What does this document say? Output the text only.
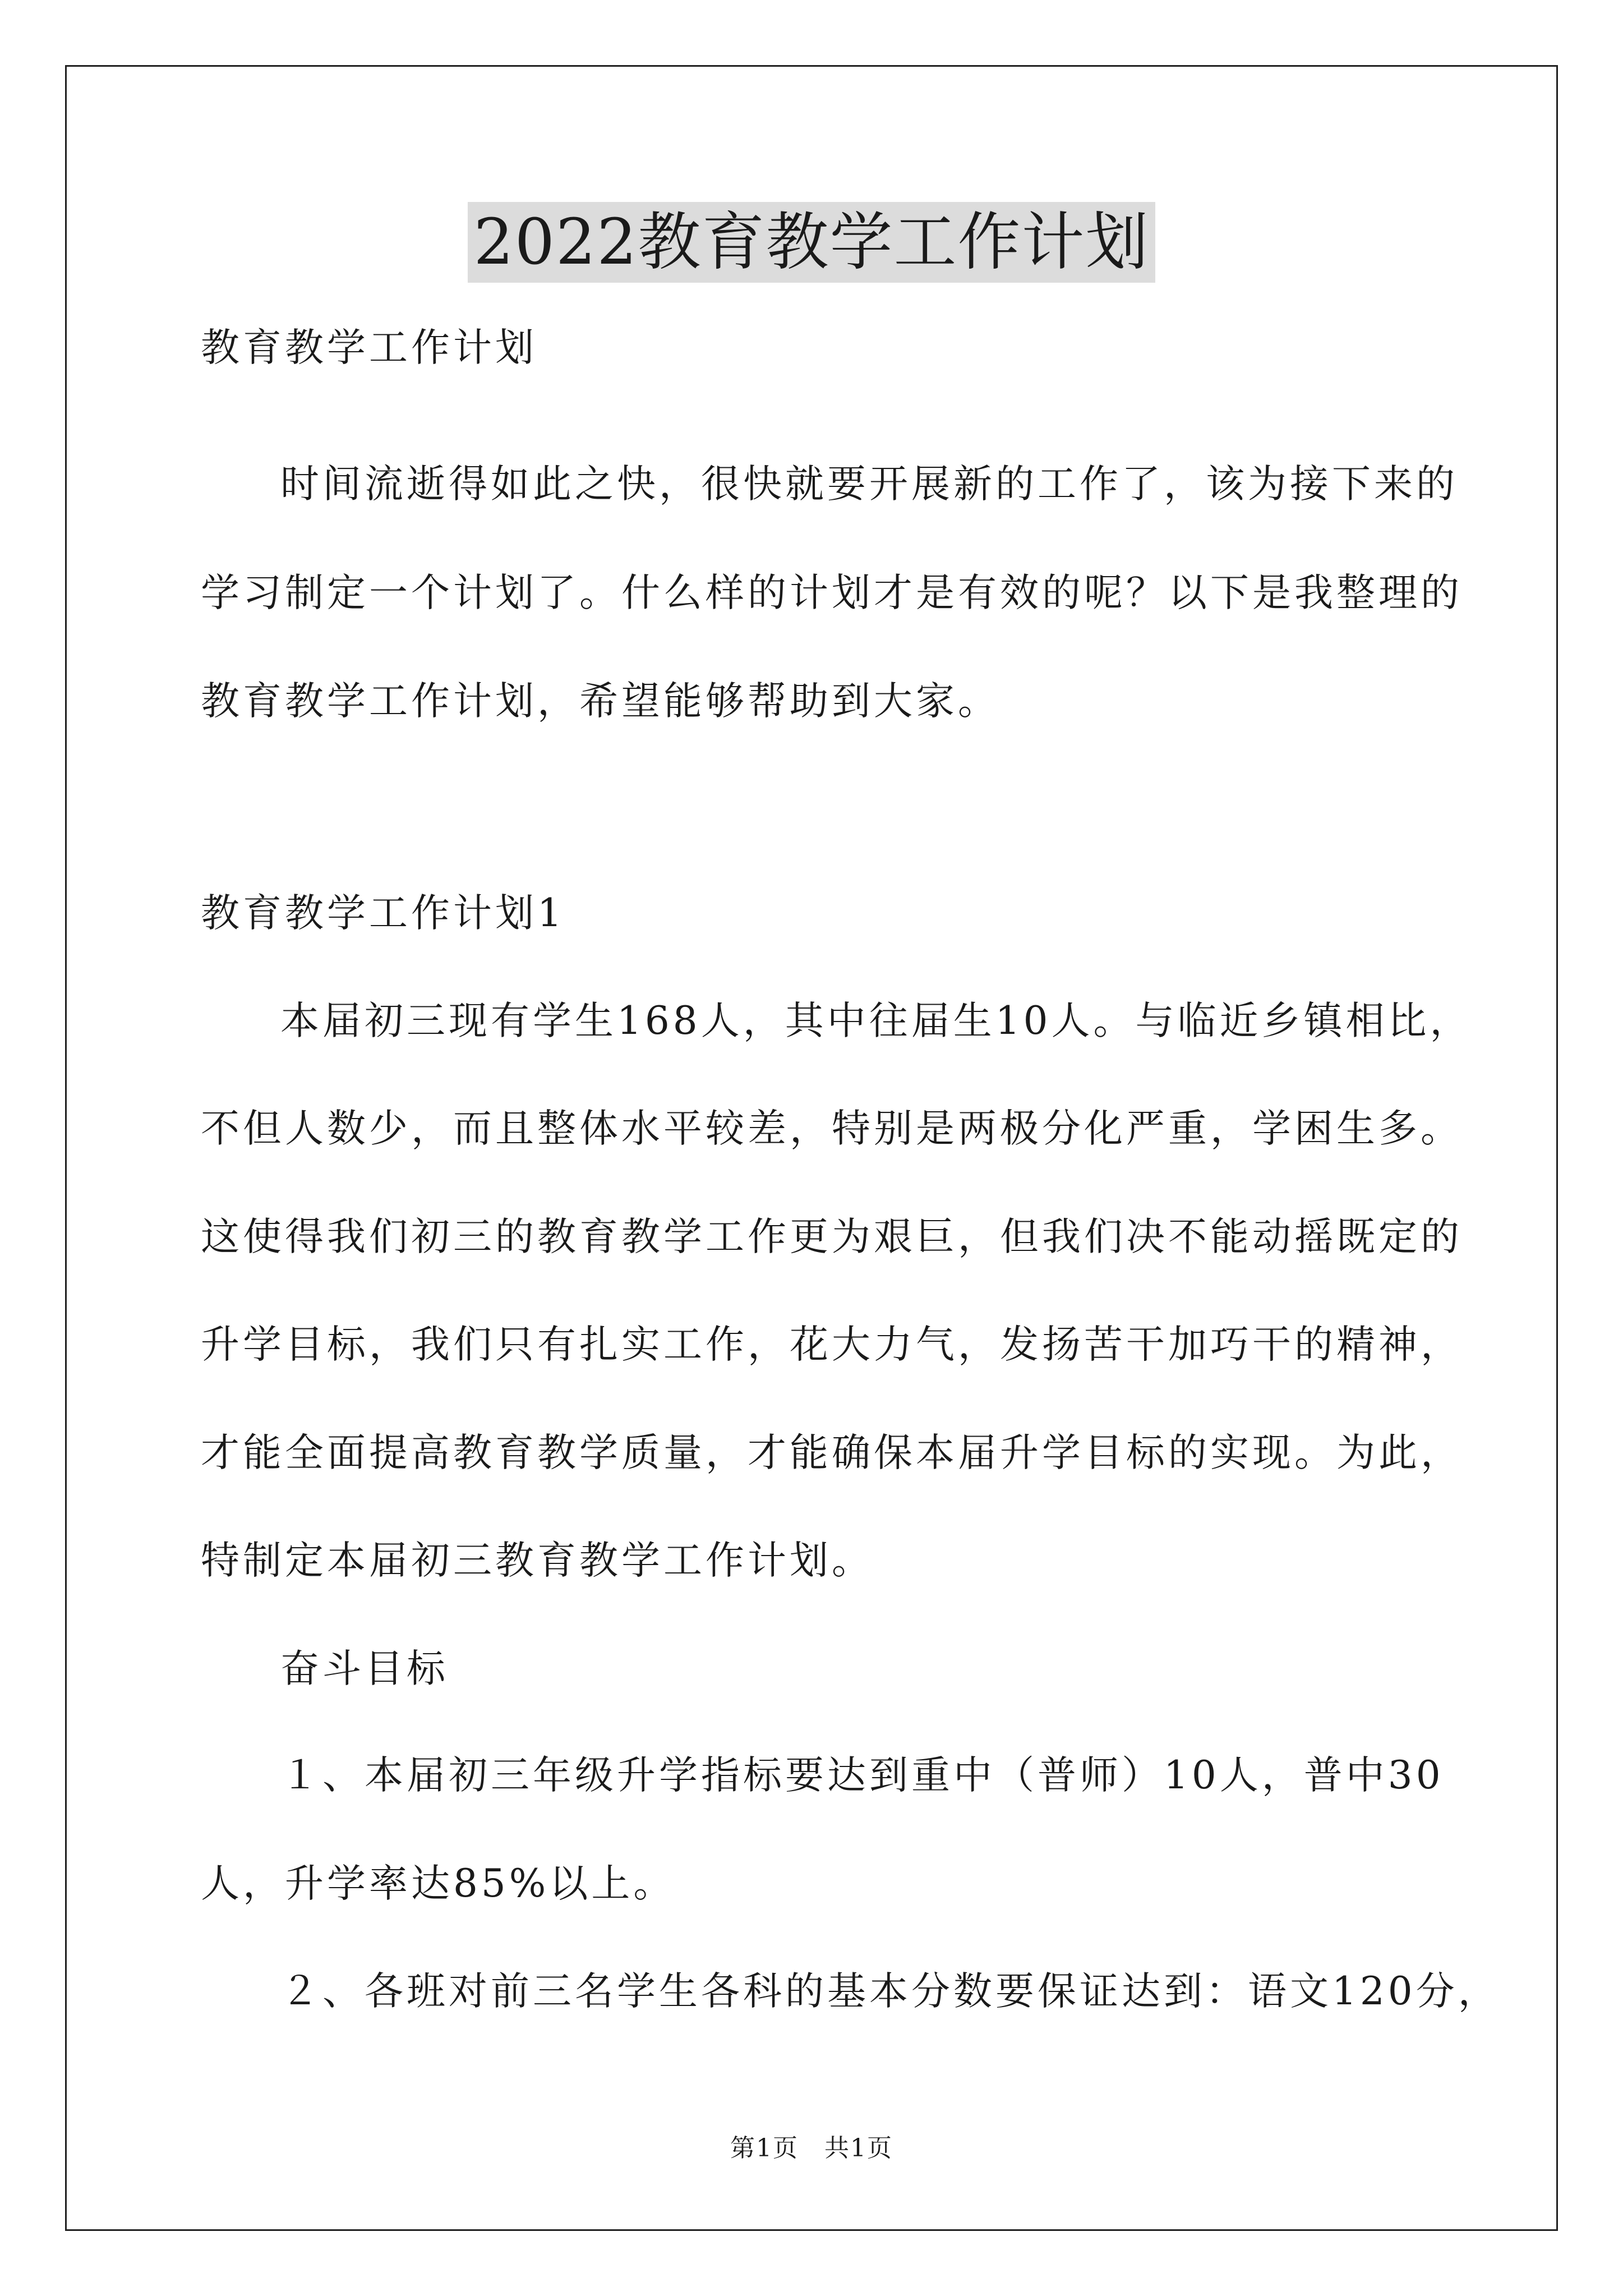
2022教育教学工作计划
教育教学工作计划
时间流逝得如此之快，很快就要开展新的工作了，该为接下来的
学习制定一个计划了。什么样的计划才是有效的呢？以下是我整理的
教育教学工作计划，希望能够帮助到大家。
教育教学工作计划1
本届初三现有学生168人，其中往届生10人。与临近乡镇相比，
不但人数少，而且整体水平较差，特别是两极分化严重，学困生多。
这使得我们初三的教育教学工作更为艰巨，但我们决不能动摇既定的
升学目标，我们只有扎实工作，花大力气，发扬苦干加巧干的精神，
才能全面提高教育教学质量，才能确保本届升学目标的实现。为此，
特制定本届初三教育教学工作计划。
奋斗目标
１、本届初三年级升学指标要达到重中（普师）10人，普中30
人，升学率达85%以上。
２、各班对前三名学生各科的基本分数要保证达到：语文120分，
第1页　共1页
